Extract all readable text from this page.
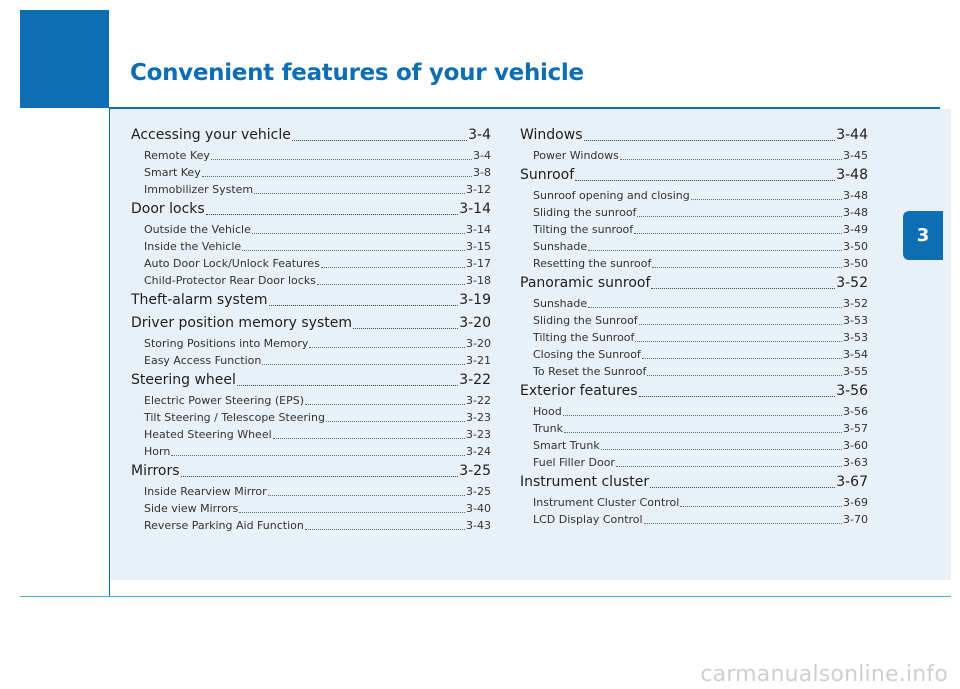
Convenient features of your vehicle
3
Accessing your vehicle	3-4
Remote Key	3-4
Smart Key	3-8
Immobilizer System	3-12
Door locks	3-14
Outside the Vehicle	3-14
Inside the Vehicle	3-15
Auto Door Lock/Unlock Features	3-17
Child-Protector Rear Door locks	3-18
Theft-alarm system	3-19
Driver position memory system	3-20
Storing Positions into Memory	3-20
Easy Access Function	3-21
Steering wheel	3-22
Electric Power Steering (EPS)	3-22
Tilt Steering / Telescope Steering	3-23
Heated Steering Wheel	3-23
Horn	3-24
Mirrors	3-25
Inside Rearview Mirror	3-25
Side view Mirrors	3-40
Reverse Parking Aid Function	3-43
Windows	3-44
Power Windows	3-45
Sunroof	3-48
Sunroof opening and closing	3-48
Sliding the sunroof	3-48
Tilting the sunroof	3-49
Sunshade	3-50
Resetting the sunroof	3-50
Panoramic sunroof	3-52
Sunshade	3-52
Sliding the Sunroof	3-53
Tilting the Sunroof	3-53
Closing the Sunroof	3-54
To Reset the Sunroof	3-55
Exterior features	3-56
Hood	3-56
Trunk	3-57
Smart Trunk	3-60
Fuel Filler Door	3-63
Instrument cluster	3-67
Instrument Cluster Control	3-69
LCD Display Control	3-70
carmanualsonline.info
